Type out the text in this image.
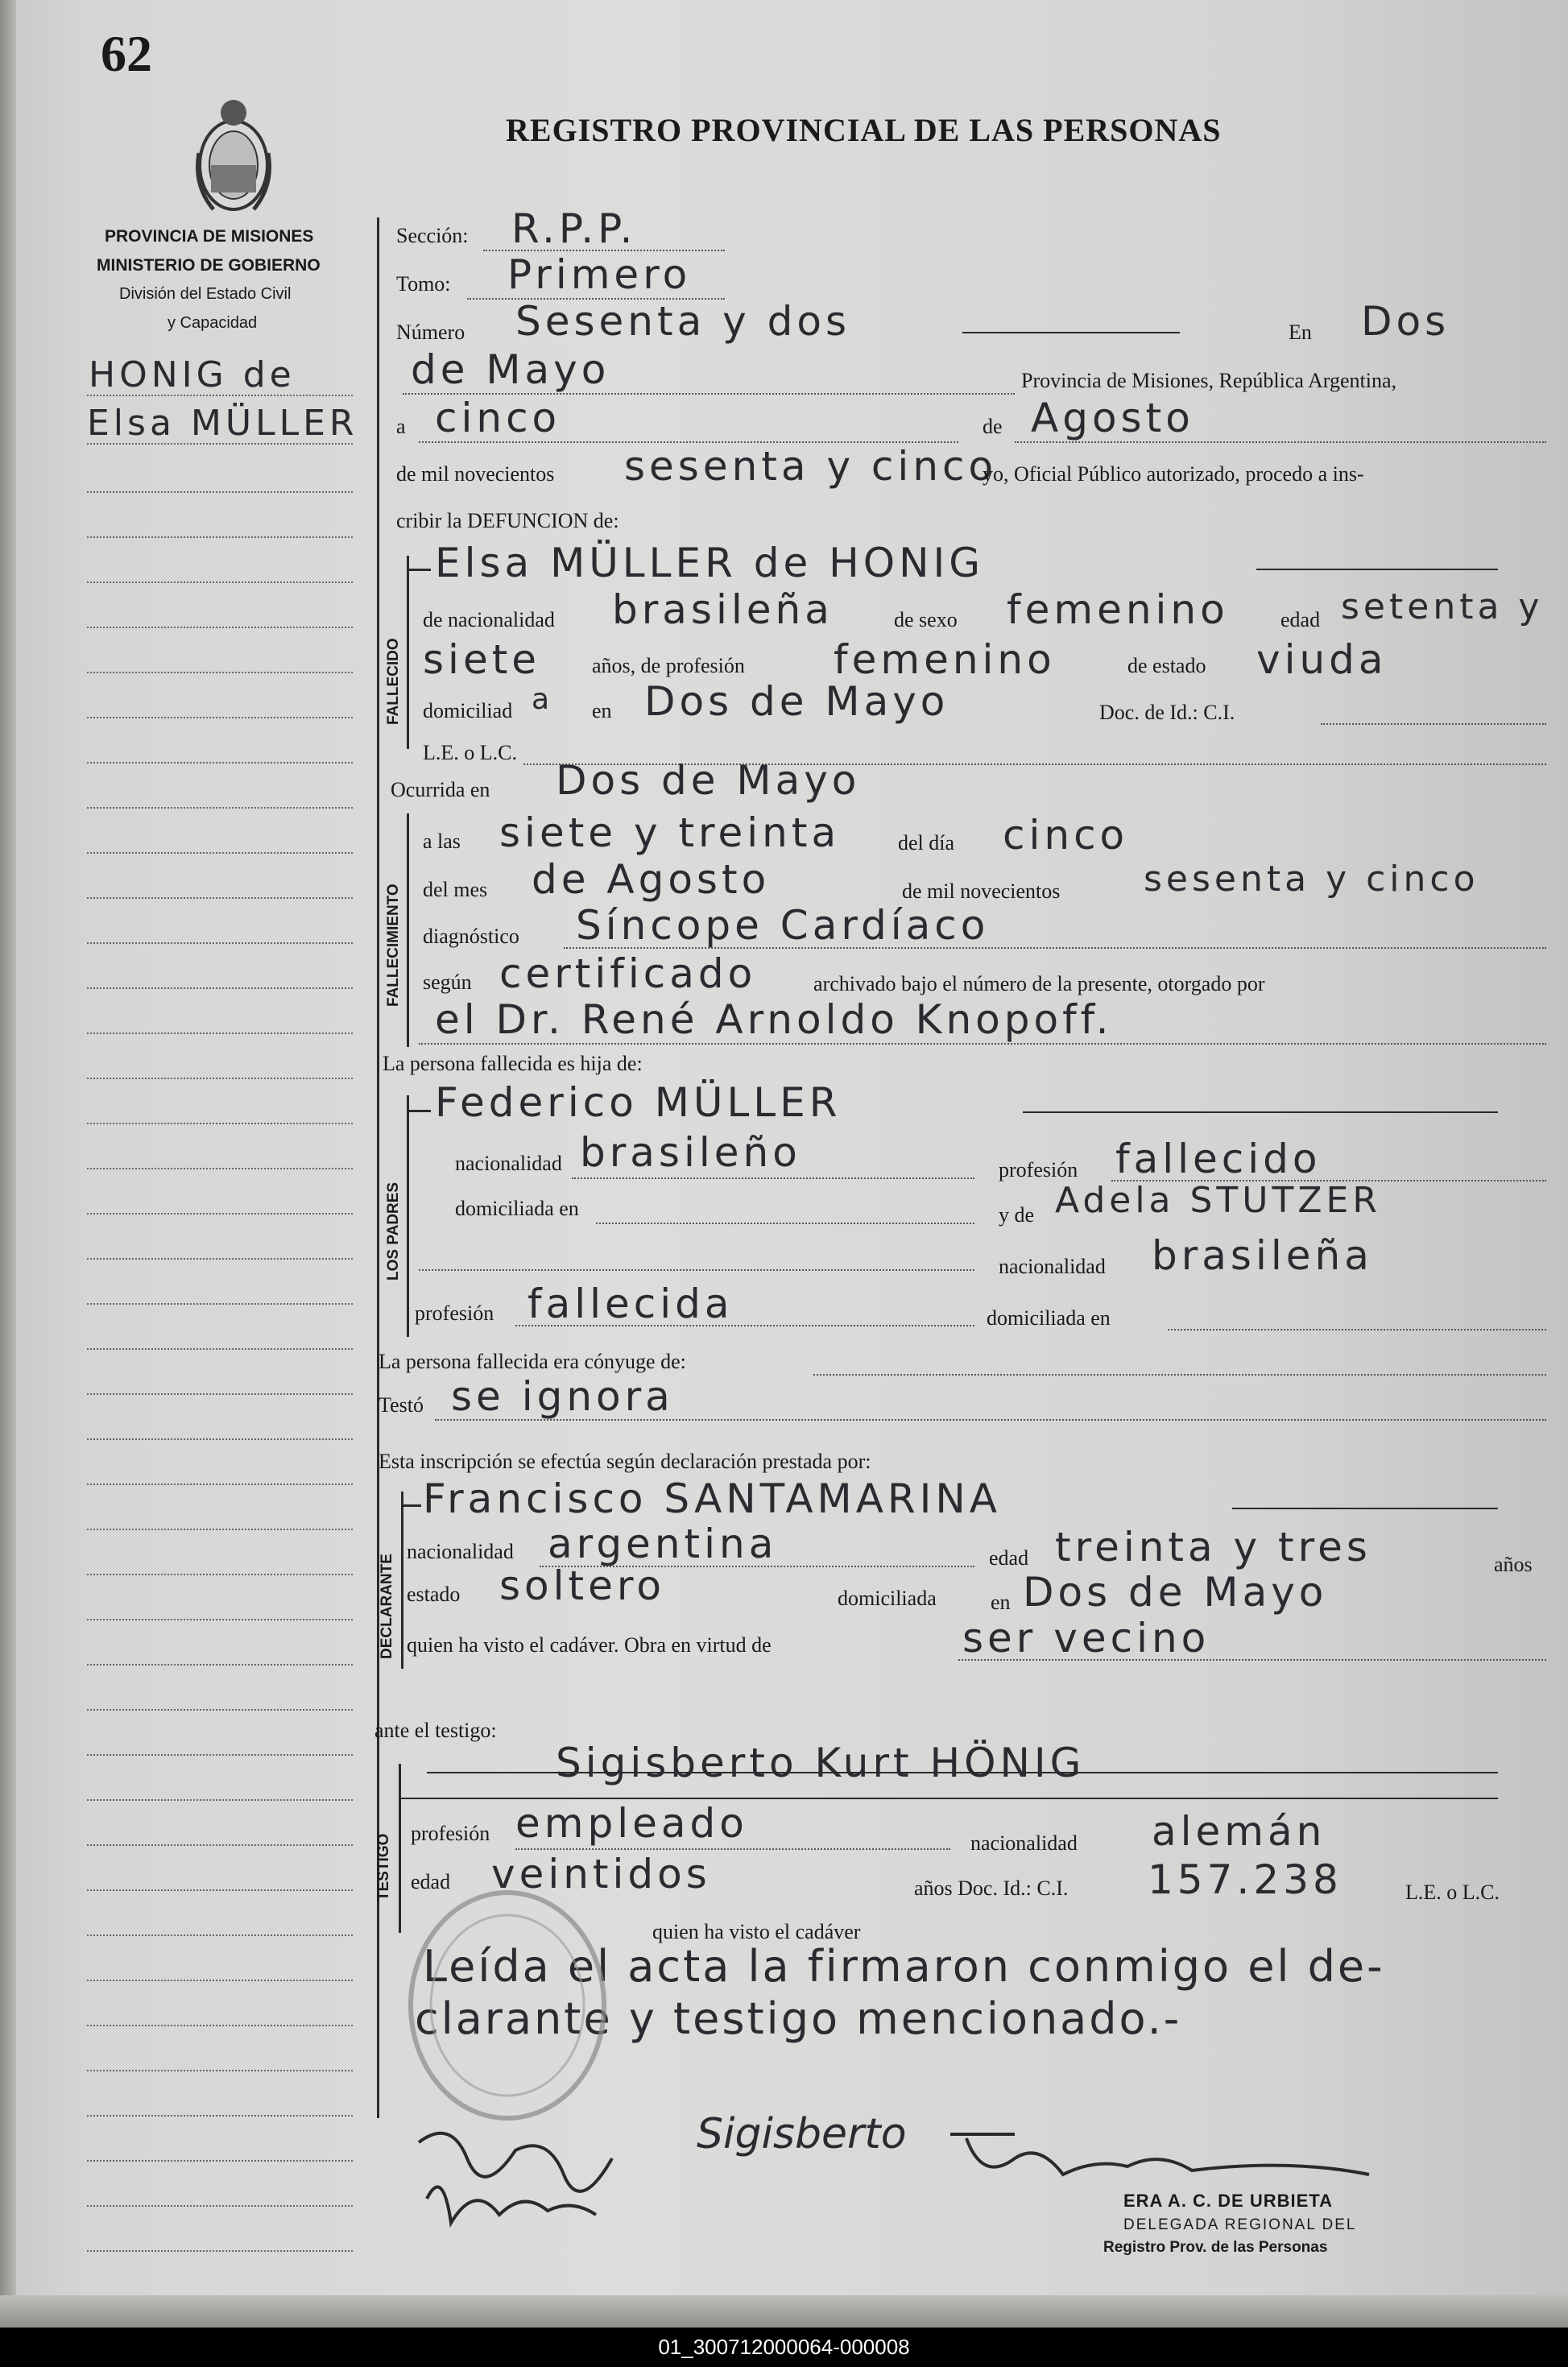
62
REGISTRO PROVINCIAL DE LAS PERSONAS
PROVINCIA DE MISIONES
MINISTERIO DE GOBIERNO
División del Estado Civil
y Capacidad
HONIG de
Elsa MÜLLER
Sección: R.P.P.
Tomo: Primero
Número Sesenta y dos	En Dos
de Mayo	Provincia de Misiones, República Argentina,
a cinco	de Agosto
de mil novecientos sesenta y cinco
yo, Oficial Público autorizado, procedo a ins-
cribir la DEFUNCION de:
FALLECIDO
Elsa MÜLLER de HONIG
de nacionalidad brasileña	de sexo femenino edad setenta y
siete años, de profesión femenino	de estado viuda
domiciliad a en Dos de Mayo	Doc. de Id.: C.I.
L.E. o L.C.
Ocurrida en Dos de Mayo
FALLECIMIENTO
a las siete y treinta	del día cinco
del mes de Agosto	de mil novecientos sesenta y cinco
diagnóstico Síncope Cardíaco
según certificado	archivado bajo el número de la presente, otorgado por
el Dr. René Arnoldo Knopoff.
La persona fallecida es hija de:
LOS PADRES
Federico MÜLLER
nacionalidad brasileño	profesión fallecido
domiciliada en	y de Adela STUTZER
nacionalidad brasileña
profesión fallecida	domiciliada en
La persona fallecida era cónyuge de:
Testó se ignora
Esta inscripción se efectúa según declaración prestada por:
DECLARANTE
Francisco SANTAMARINA
nacionalidad argentina	edad treinta y tres	años
estado soltero	domiciliada	en Dos de Mayo
quien ha visto el cadáver. Obra en virtud de	ser vecino
ante el testigo:
TESTIGO
Sigisberto Kurt HÖNIG
profesión empleado	nacionalidad alemán
edad veintidos	años Doc. Id.: C.I. 157.238	L.E. o L.C.
quien ha visto el cadáver
Leída el acta la firmaron conmigo el de-
clarante y testigo mencionado.-
Sigisberto
ERA A. C. DE URBIETA
DELEGADA REGIONAL DEL
Registro Prov. de las Personas
01_300712000064-000008
